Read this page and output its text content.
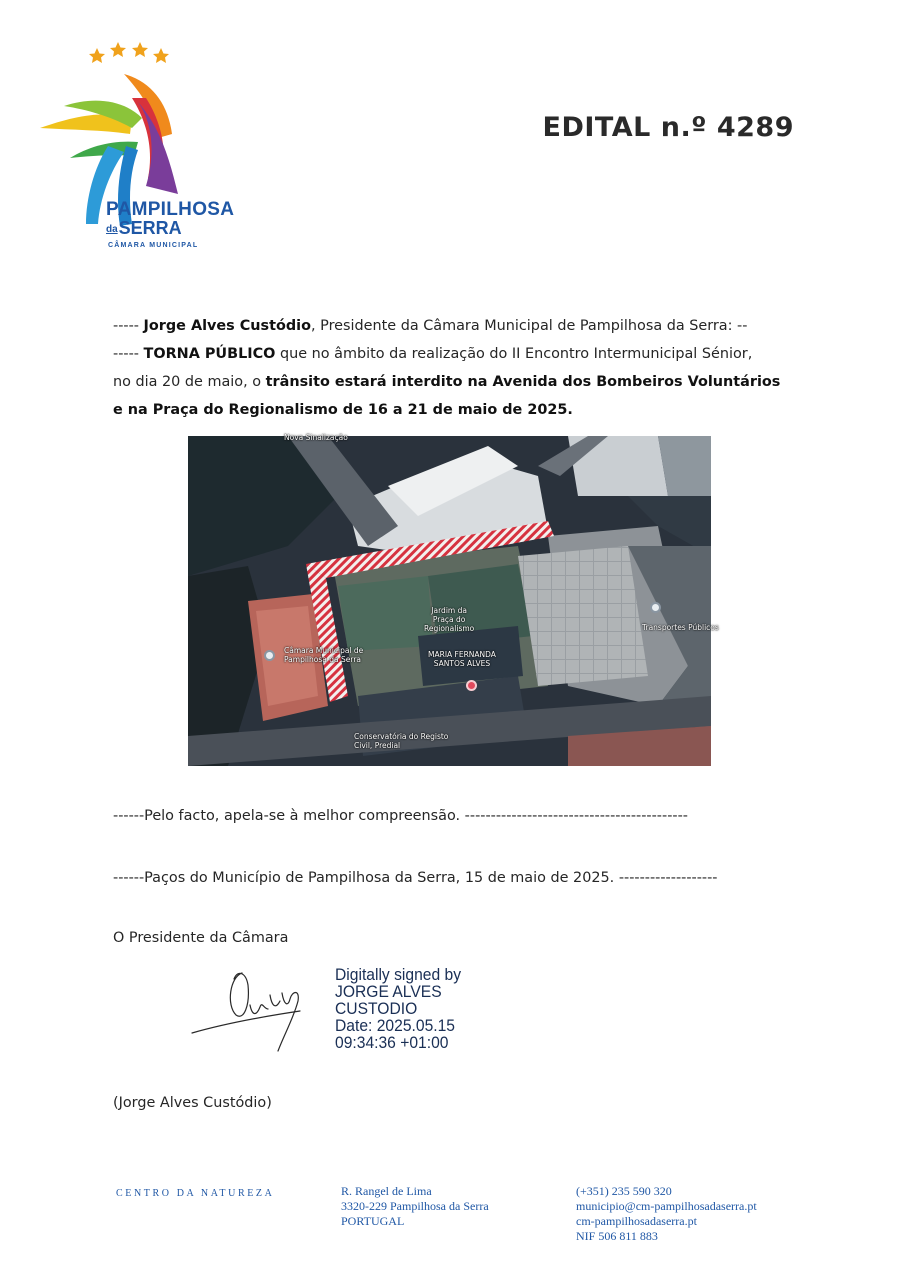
PAMPILHOSA
daSERRA
CÂMARA MUNICIPAL
EDITAL n.º 4289
----- Jorge Alves Custódio, Presidente da Câmara Municipal de Pampilhosa da Serra: --
----- TORNA PÚBLICO que no âmbito da realização do II Encontro Intermunicipal Sénior,
no dia 20 de maio, o trânsito estará interdito na Avenida dos Bombeiros Voluntários
e na Praça do Regionalismo de 16 a 21 de maio de 2025.
Nova Sinalização
Jardim da
Praça do
Regionalismo
MARIA FERNANDA
SANTOS ALVES
Transportes Públicos
Câmara Municipal de
Pampilhosa da Serra
Conservatória do Registo
Civil, Predial
------Pelo facto, apela-se à melhor compreensão. -------------------------------------------
------Paços do Município de Pampilhosa da Serra, 15 de maio de 2025. -------------------
O Presidente da Câmara
Digitally signed by
JORGE ALVES
CUSTODIO
Date: 2025.05.15
09:34:36 +01:00
(Jorge Alves Custódio)
CENTRO DA NATUREZA	R. Rangel de Lima
3320-229 Pampilhosa da Serra
PORTUGAL
(+351) 235 590 320
municipio@cm-pampilhosadaserra.pt
cm-pampilhosadaserra.pt
NIF 506 811 883
